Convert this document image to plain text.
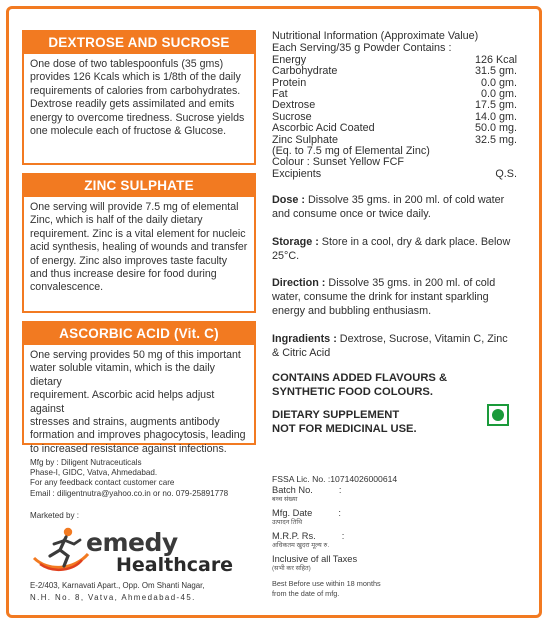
DEXTROSE AND SUCROSE
One dose of two tablespoonfuls (35 gms)
provides 126 Kcals which is 1/8th of the daily
requirements of calories from carbohydrates.
Dextrose readily gets assimilated and emits
energy to overcome tiredness. Sucrose yields
one molecule each of fructose & Glucose.
ZINC SULPHATE
One serving will provide 7.5 mg of elemental
Zinc, which is half of the daily dietary
requirement. Zinc is a vital element for nucleic
acid synthesis, healing of wounds and transfer
of energy. Zinc also improves taste faculty
and thus increase desire for food during
convalescence.
ASCORBIC ACID (Vit. C)
One serving provides 50 mg of this important
water soluble vitamin, which is the daily dietary
requirement. Ascorbic acid helps adjust against
stresses and strains, augments antibody
formation and improves phagocytosis, leading
to increased resistance against infections.
Mfg by : Diligent Nutraceuticals
Phase-I, GIDC, Vatva, Ahmedabad.
For any feedback contact customer care
Email : diligentnutra@yahoo.co.in or no. 079-25891778
Marketed by :
emedy
Healthcare
E-2/403, Karnavati Apart., Opp. Om Shanti Nagar,
N.H. No. 8, Vatva, Ahmedabad-45.
Nutritional Information (Approximate Value)
Each Serving/35 g Powder Contains :
Energy	126 Kcal
Carbohydrate	31.5 gm.
Protein	0.0 gm.
Fat	0.0 gm.
Dextrose	17.5 gm.
Sucrose	14.0 gm.
Ascorbic Acid Coated	50.0 mg.
Zinc Sulphate	32.5 mg.
(Eq. to 7.5 mg of Elemental Zinc)
Colour : Sunset Yellow FCF
Excipients	Q.S.
Dose : Dissolve 35 gms. in 200 ml. of cold water and consume once or twice daily.
Storage : Store in a cool, dry & dark place. Below 25°C.
Direction : Dissolve 35 gms. in 200 ml. of cold water, consume the drink for instant sparkling energy and bubbling enthusiasm.
Ingradients : Dextrose, Sucrose, Vitamin C, Zinc & Citric Acid
CONTAINS ADDED FLAVOURS &
SYNTHETIC FOOD COLOURS.
DIETARY SUPPLEMENT
NOT FOR MEDICINAL USE.
FSSA Lic. No. :10714026000614
Batch No.	:
बथ्च संख्या
Mfg. Date	:
उत्पादन तिथि
M.R.P. Rs.	:
अधिकतम खुदरा मूल्य रु.
Inclusive of all Taxes
(सभी कर सहित)
Best Before use within 18 months
from the date of mfg.
